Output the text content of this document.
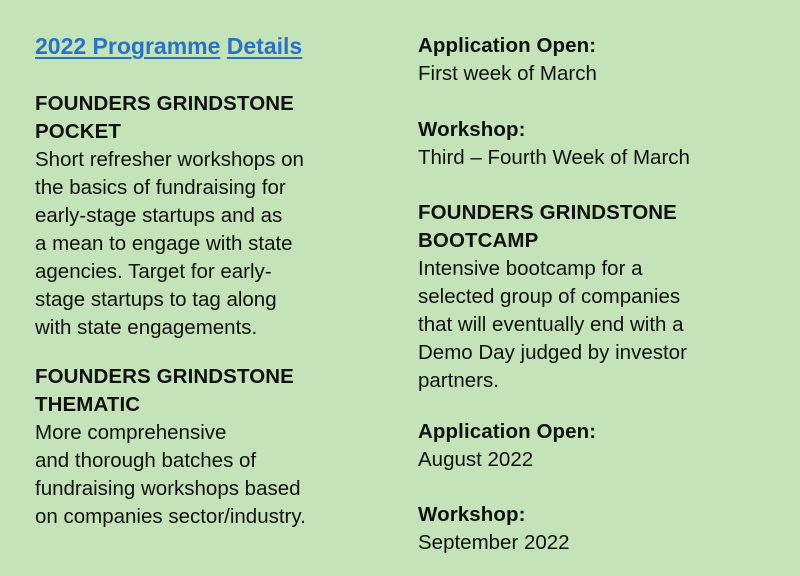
2022 Programme Details
FOUNDERS GRINDSTONE
POCKET
Short refresher workshops on
the basics of fundraising for
early-stage startups and as
a mean to engage with state
agencies. Target for early-
stage startups to tag along
with state engagements.
FOUNDERS GRINDSTONE
THEMATIC
More comprehensive
and thorough batches of
fundraising workshops based
on companies sector/industry.
Application Open:
First week of March
Workshop:
Third – Fourth Week of March
FOUNDERS GRINDSTONE
BOOTCAMP
Intensive bootcamp for a
selected group of companies
that will eventually end with a
Demo Day judged by investor
partners.
Application Open:
August 2022
Workshop:
September 2022
